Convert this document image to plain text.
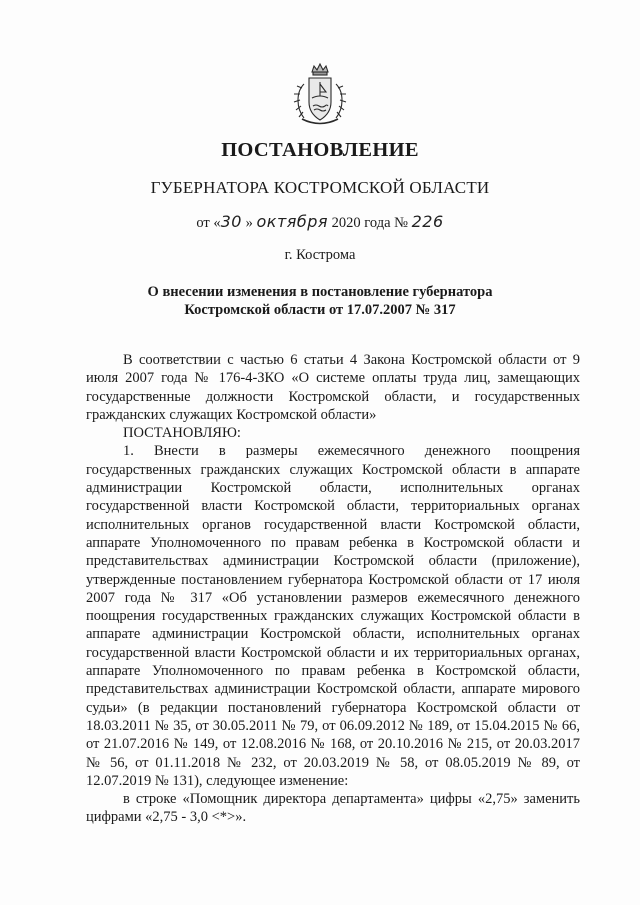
ПОСТАНОВЛЕНИЕ
ГУБЕРНАТОРА КОСТРОМСКОЙ ОБЛАСТИ
от «30 » октября 2020 года № 226
г. Кострома
О внесении изменения в постановление губернатора
Костромской области от 17.07.2007 № 317

В соответствии с частью 6 статьи 4 Закона Костромской области от 9 июля 2007 года № 176-4-ЗКО «О системе оплаты труда лиц, замещающих государственные должности Костромской области, и государственных гражданских служащих Костромской области»

ПОСТАНОВЛЯЮ:

1. Внести в размеры ежемесячного денежного поощрения государственных гражданских служащих Костромской области в аппарате администрации Костромской области, исполнительных органах государственной власти Костромской области, территориальных органах исполнительных органов государственной власти Костромской области, аппарате Уполномоченного по правам ребенка в Костромской области и представительствах администрации Костромской области (приложение), утвержденные постановлением губернатора Костромской области от 17 июля 2007 года № 317 «Об установлении размеров ежемесячного денежного поощрения государственных гражданских служащих Костромской области в аппарате администрации Костромской области, исполнительных органах государственной власти Костромской области и их территориальных органах, аппарате Уполномоченного по правам ребенка в Костромской области, представительствах администрации Костромской области, аппарате мирового судьи» (в редакции постановлений губернатора Костромской области от 18.03.2011 № 35, от 30.05.2011 № 79, от 06.09.2012 № 189, от 15.04.2015 № 66, от 21.07.2016 № 149, от 12.08.2016 № 168, от 20.10.2016 № 215, от 20.03.2017 № 56, от 01.11.2018 № 232, от 20.03.2019 № 58, от 08.05.2019 № 89, от 12.07.2019 № 131), следующее изменение:

в строке «Помощник директора департамента» цифры «2,75» заменить цифрами «2,75 - 3,0 <*>».
